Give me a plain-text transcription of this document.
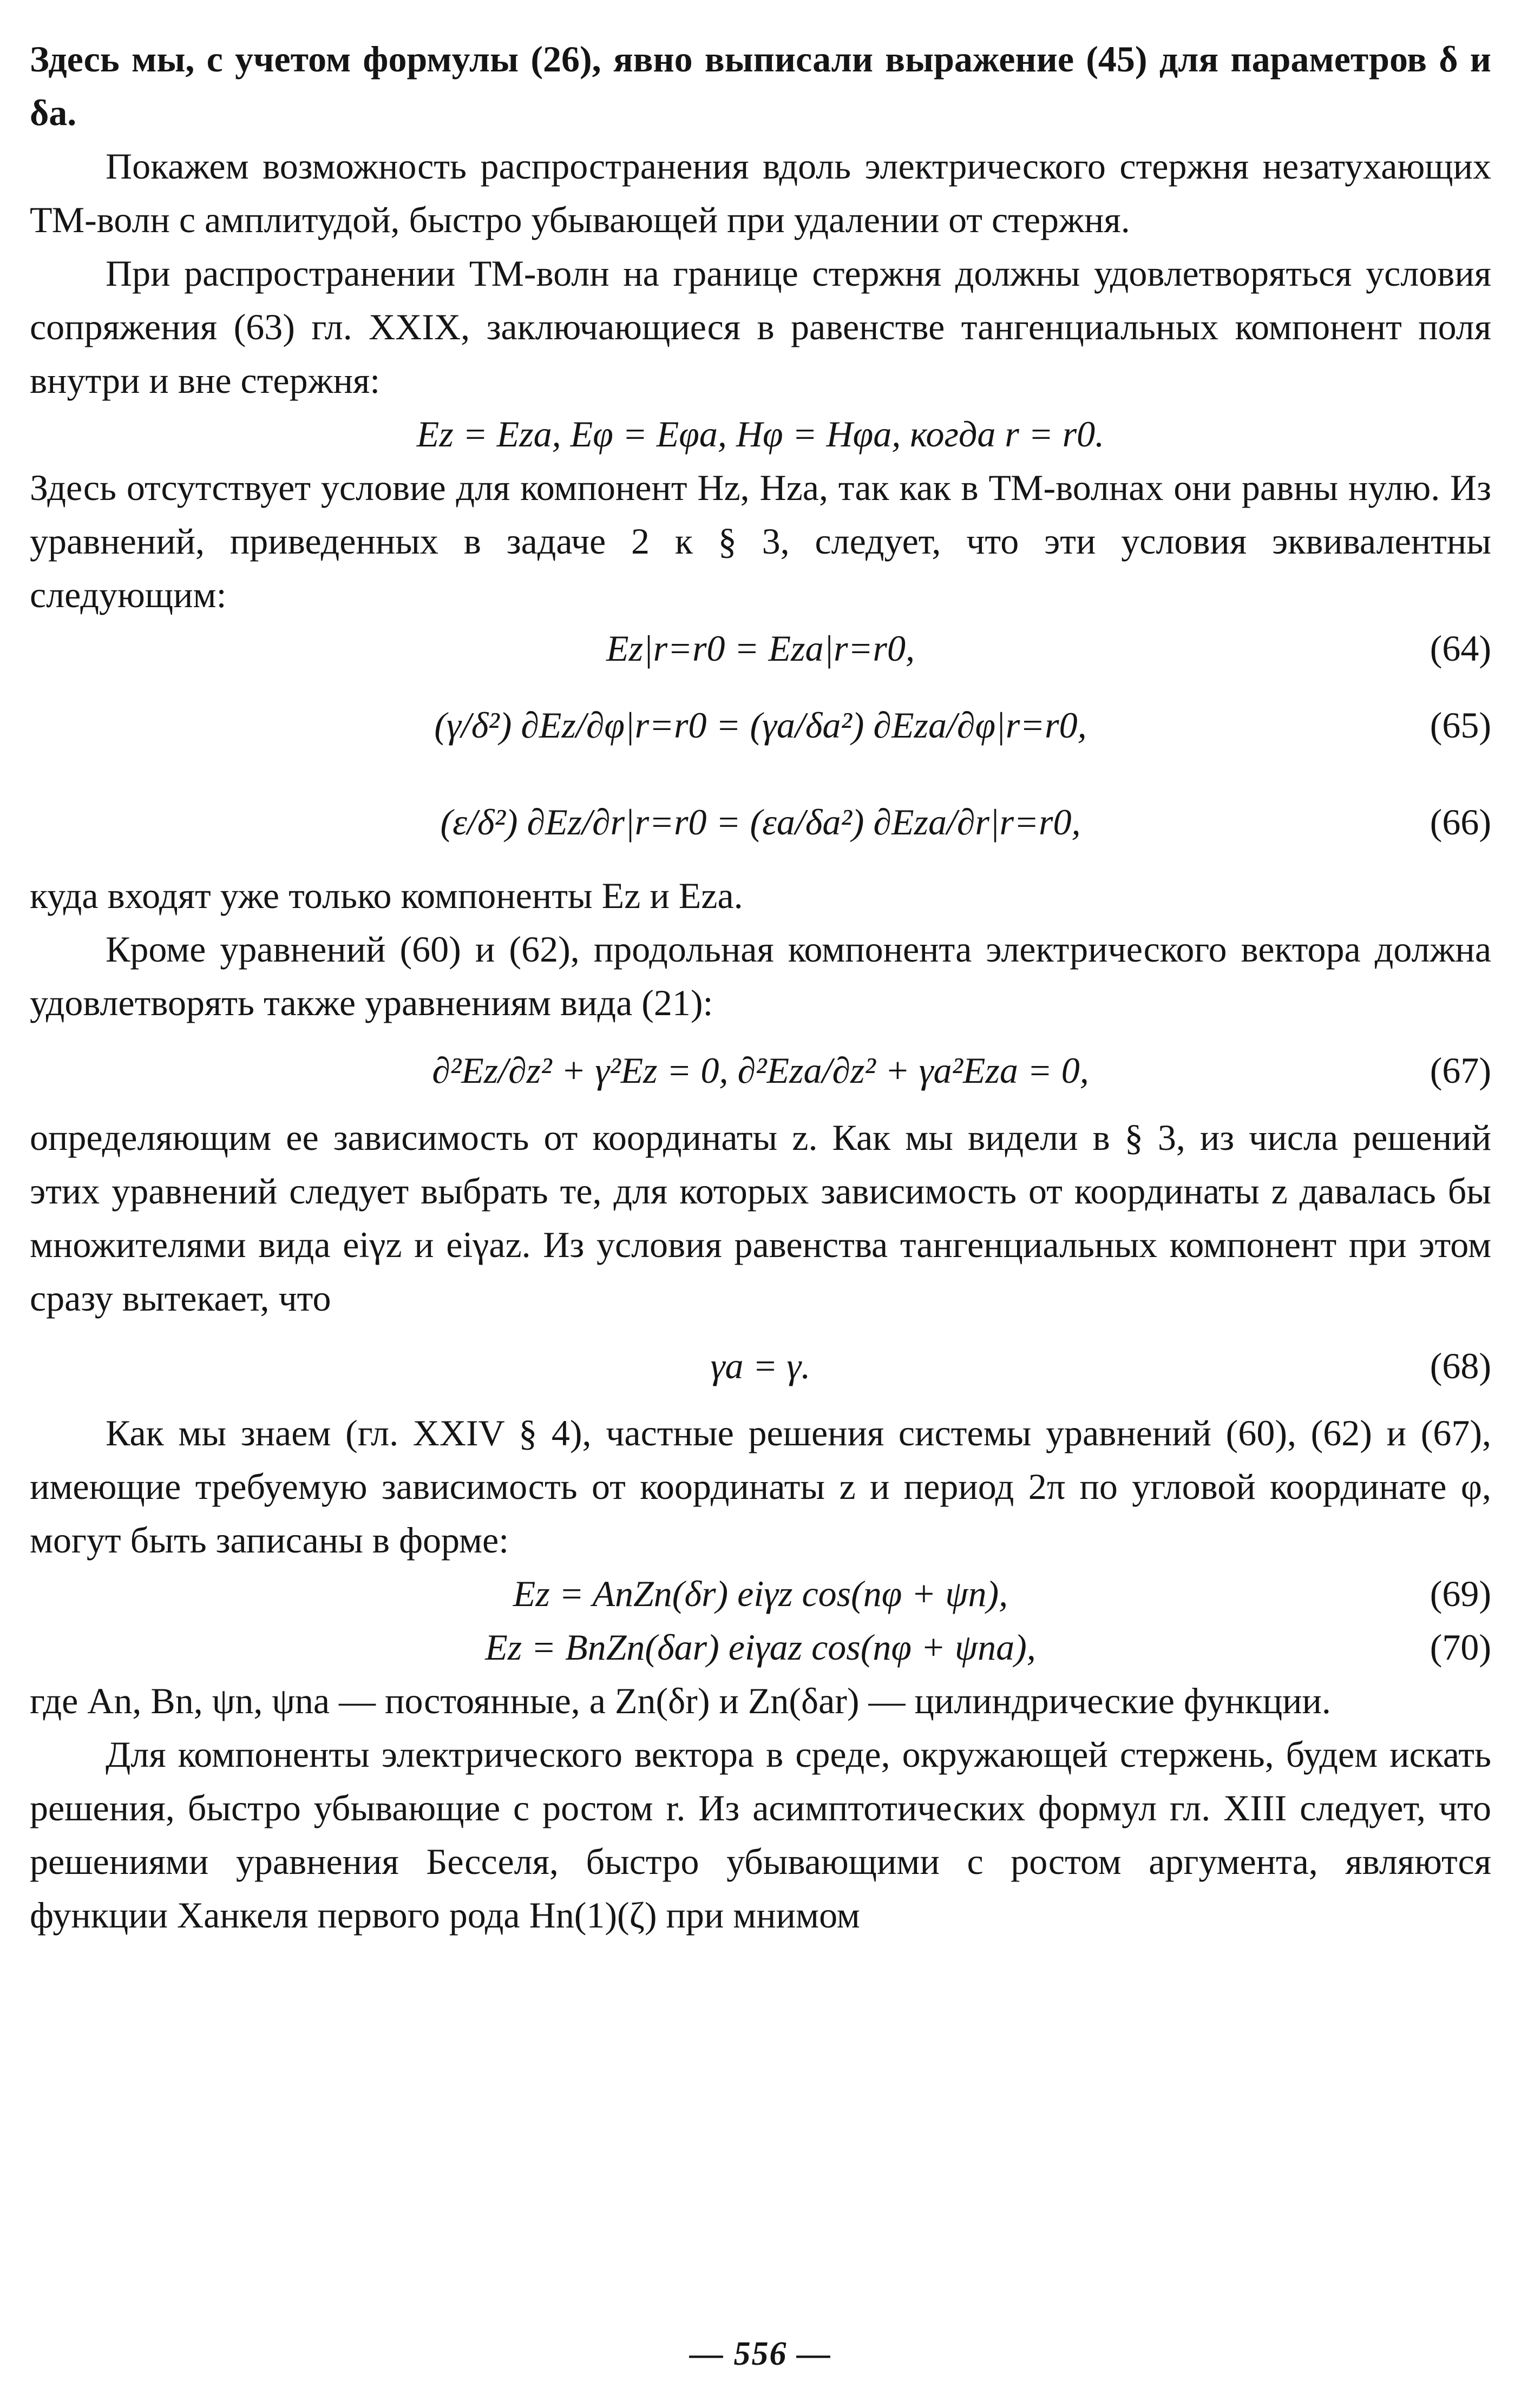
Здесь мы, с учетом формулы (26), явно выписали выражение (45) для параметров δ и δa.

Покажем возможность распространения вдоль электрического стержня незатухающих ТМ-волн с амплитудой, быстро убывающей при удалении от стержня.

При распространении ТМ-волн на границе стержня должны удовлетворяться условия сопряжения (63) гл. XXIX, заключающиеся в равенстве тангенциальных компонент поля внутри и вне стержня:

Ez = Eza, Eφ = Eφa, Hφ = Hφa, когда r = r0.

Здесь отсутствует условие для компонент Hz, Hza, так как в ТМ-волнах они равны нулю. Из уравнений, приведенных в задаче 2 к § 3, следует, что эти условия эквивалентны следующим:

Ez|r=r0 = Eza|r=r0,	(64)
(γ/δ²) ∂Ez/∂φ|r=r0 = (γa/δa²) ∂Eza/∂φ|r=r0,	(65)
(ε/δ²) ∂Ez/∂r|r=r0 = (εa/δa²) ∂Eza/∂r|r=r0,	(66)

куда входят уже только компоненты Ez и Eza.

Кроме уравнений (60) и (62), продольная компонента электрического вектора должна удовлетворять также уравнениям вида (21):

∂²Ez/∂z² + γ²Ez = 0, ∂²Eza/∂z² + γa²Eza = 0,	(67)

определяющим ее зависимость от координаты z. Как мы видели в § 3, из числа решений этих уравнений следует выбрать те, для которых зависимость от координаты z давалась бы множителями вида eiγz и eiγaz. Из условия равенства тангенциальных компонент при этом сразу вытекает, что

γa = γ.	(68)

Как мы знаем (гл. XXIV § 4), частные решения системы уравнений (60), (62) и (67), имеющие требуемую зависимость от координаты z и период 2π по угловой координате φ, могут быть записаны в форме:

Ez = AnZn(δr) eiγz cos(nφ + ψn),	(69)
Ez = BnZn(δar) eiγaz cos(nφ + ψna),	(70)

где An, Bn, ψn, ψna — постоянные, а Zn(δr) и Zn(δar) — цилиндрические функции.

Для компоненты электрического вектора в среде, окружающей стержень, будем искать решения, быстро убывающие с ростом r. Из асимптотических формул гл. XIII следует, что решениями уравнения Бесселя, быстро убывающими с ростом аргумента, являются функции Ханкеля первого рода Hn(1)(ζ) при мнимом

— 556 —
